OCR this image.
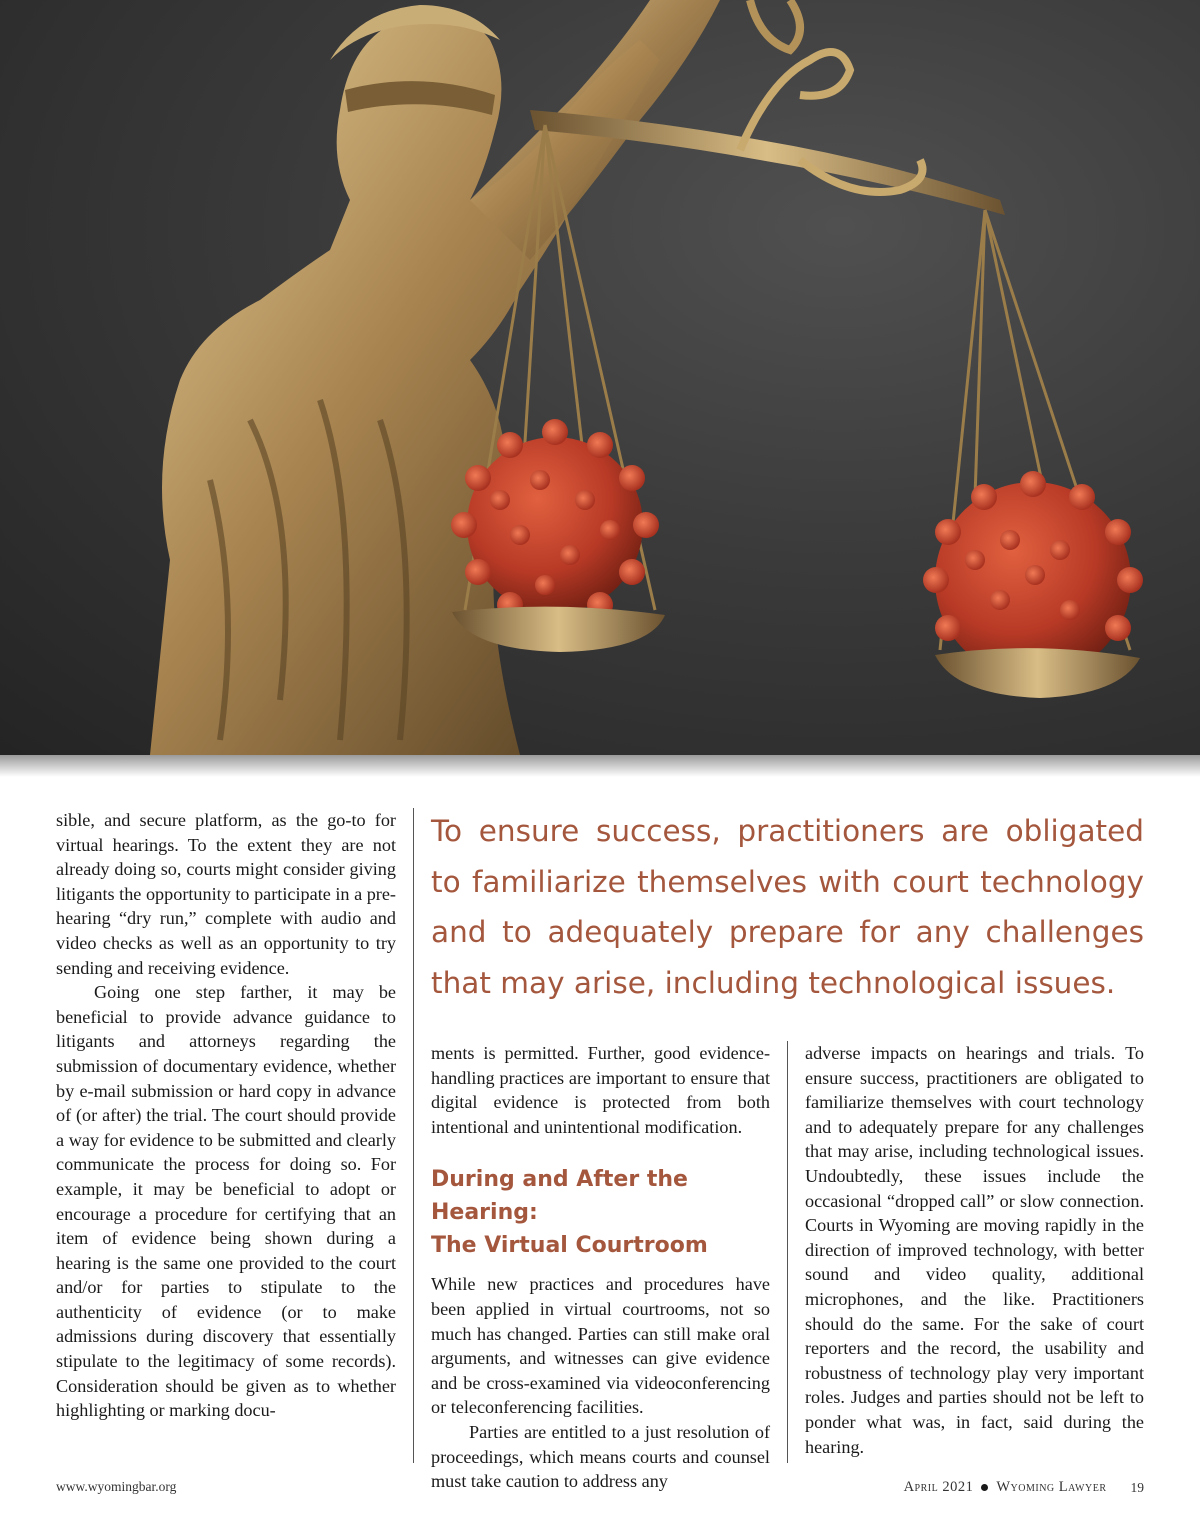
sible, and secure platform, as the go-to for virtual hearings. To the extent they are not already doing so, courts might consider giving litigants the opportunity to participate in a pre-hearing “dry run,” complete with audio and video checks as well as an opportunity to try sending and receiving evidence.

Going one step farther, it may be beneficial to provide advance guidance to litigants and attorneys regarding the submission of documentary evidence, whether by e-mail submission or hard copy in advance of (or after) the trial. The court should provide a way for evidence to be submitted and clearly communicate the process for doing so. For example, it may be beneficial to adopt or encourage a procedure for certifying that an item of evidence being shown during a hearing is the same one provided to the court and/or for parties to stipulate to the authenticity of evidence (or to make admissions during discovery that essentially stipulate to the legitimacy of some records). Consideration should be given as to whether highlighting or marking docu-

To ensure success, practitioners are obligated to familiarize themselves with court technology and to adequately prepare for any challenges that may arise, including technological issues.

ments is permitted. Further, good evidence-handling practices are important to ensure that digital evidence is protected from both intentional and unintentional modification.

During and After the Hearing:
The Virtual Courtroom

While new practices and procedures have been applied in virtual courtrooms, not so much has changed. Parties can still make oral arguments, and witnesses can give evidence and be cross-examined via videoconferencing or teleconferencing facilities.

Parties are entitled to a just resolution of proceedings, which means courts and counsel must take caution to address any

adverse impacts on hearings and trials. To ensure success, practitioners are obligated to familiarize themselves with court technology and to adequately prepare for any challenges that may arise, including technological issues. Undoubtedly, these issues include the occasional “dropped call” or slow connection. Courts in Wyoming are moving rapidly in the direction of improved technology, with better sound and video quality, additional microphones, and the like. Practitioners should do the same. For the sake of court reporters and the record, the usability and robustness of technology play very important roles. Judges and parties should not be left to ponder what was, in fact, said during the hearing.

www.wyomingbar.org	April 2021 Wyoming Lawyer 19
